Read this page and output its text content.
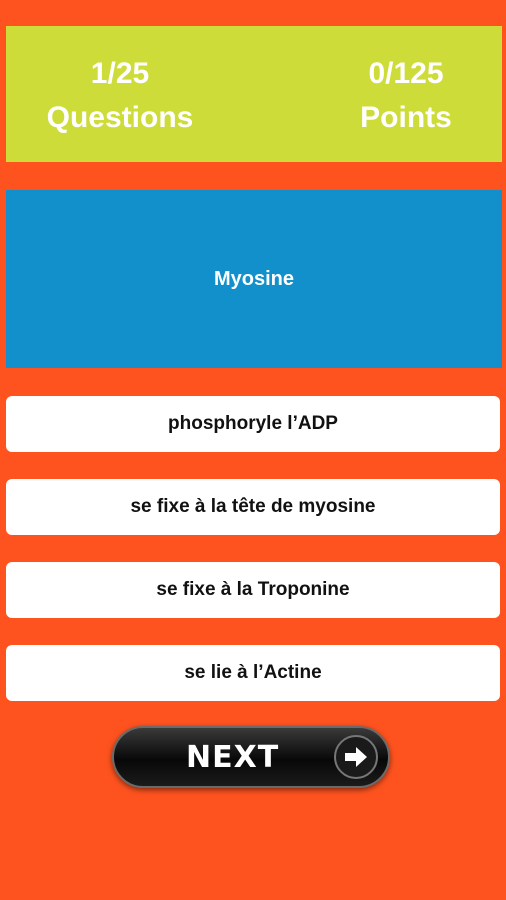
1/25
Questions
0/125
Points
Myosine
phosphoryle l’ADP
se fixe à la tête de myosine
se fixe à la Troponine
se lie à l’Actine
NEXT
